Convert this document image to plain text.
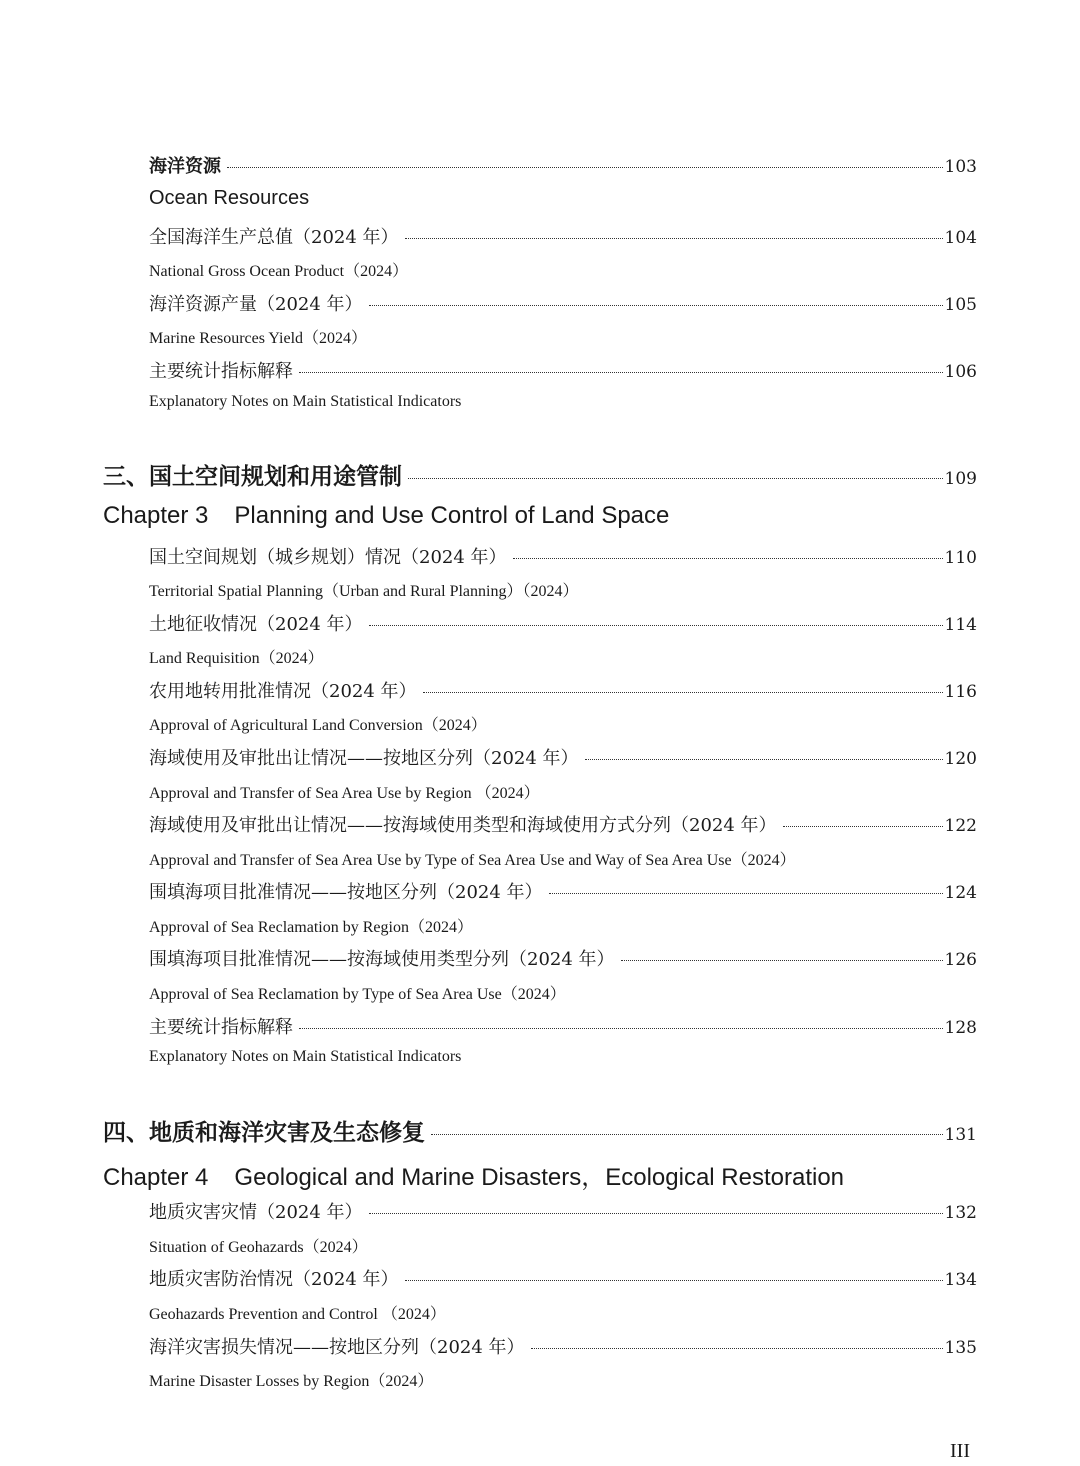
海洋资源	103
Ocean Resources
全国海洋生产总值（2024 年）	104
National Gross Ocean Product（2024）
海洋资源产量（2024 年）	105
Marine Resources Yield（2024）
主要统计指标解释	106
Explanatory Notes on Main Statistical Indicators
三、国土空间规划和用途管制	109
Chapter 3 Planning and Use Control of Land Space
国土空间规划（城乡规划）情况（2024 年）	110
Territorial Spatial Planning（Urban and Rural Planning）（2024）
土地征收情况（2024 年）	114
Land Requisition（2024）
农用地转用批准情况（2024 年）	116
Approval of Agricultural Land Conversion（2024）
海域使用及审批出让情况——按地区分列（2024 年）	120
Approval and Transfer of Sea Area Use by Region （2024）
海域使用及审批出让情况——按海域使用类型和海域使用方式分列（2024 年）	122
Approval and Transfer of Sea Area Use by Type of Sea Area Use and Way of Sea Area Use（2024）
围填海项目批准情况——按地区分列（2024 年）	124
Approval of Sea Reclamation by Region（2024）
围填海项目批准情况——按海域使用类型分列（2024 年）	126
Approval of Sea Reclamation by Type of Sea Area Use（2024）
主要统计指标解释	128
Explanatory Notes on Main Statistical Indicators
四、地质和海洋灾害及生态修复	131
Chapter 4 Geological and Marine Disasters，Ecological Restoration
地质灾害灾情（2024 年）	132
Situation of Geohazards（2024）
地质灾害防治情况（2024 年）	134
Geohazards Prevention and Control （2024）
海洋灾害损失情况——按地区分列（2024 年）	135
Marine Disaster Losses by Region（2024）
III
